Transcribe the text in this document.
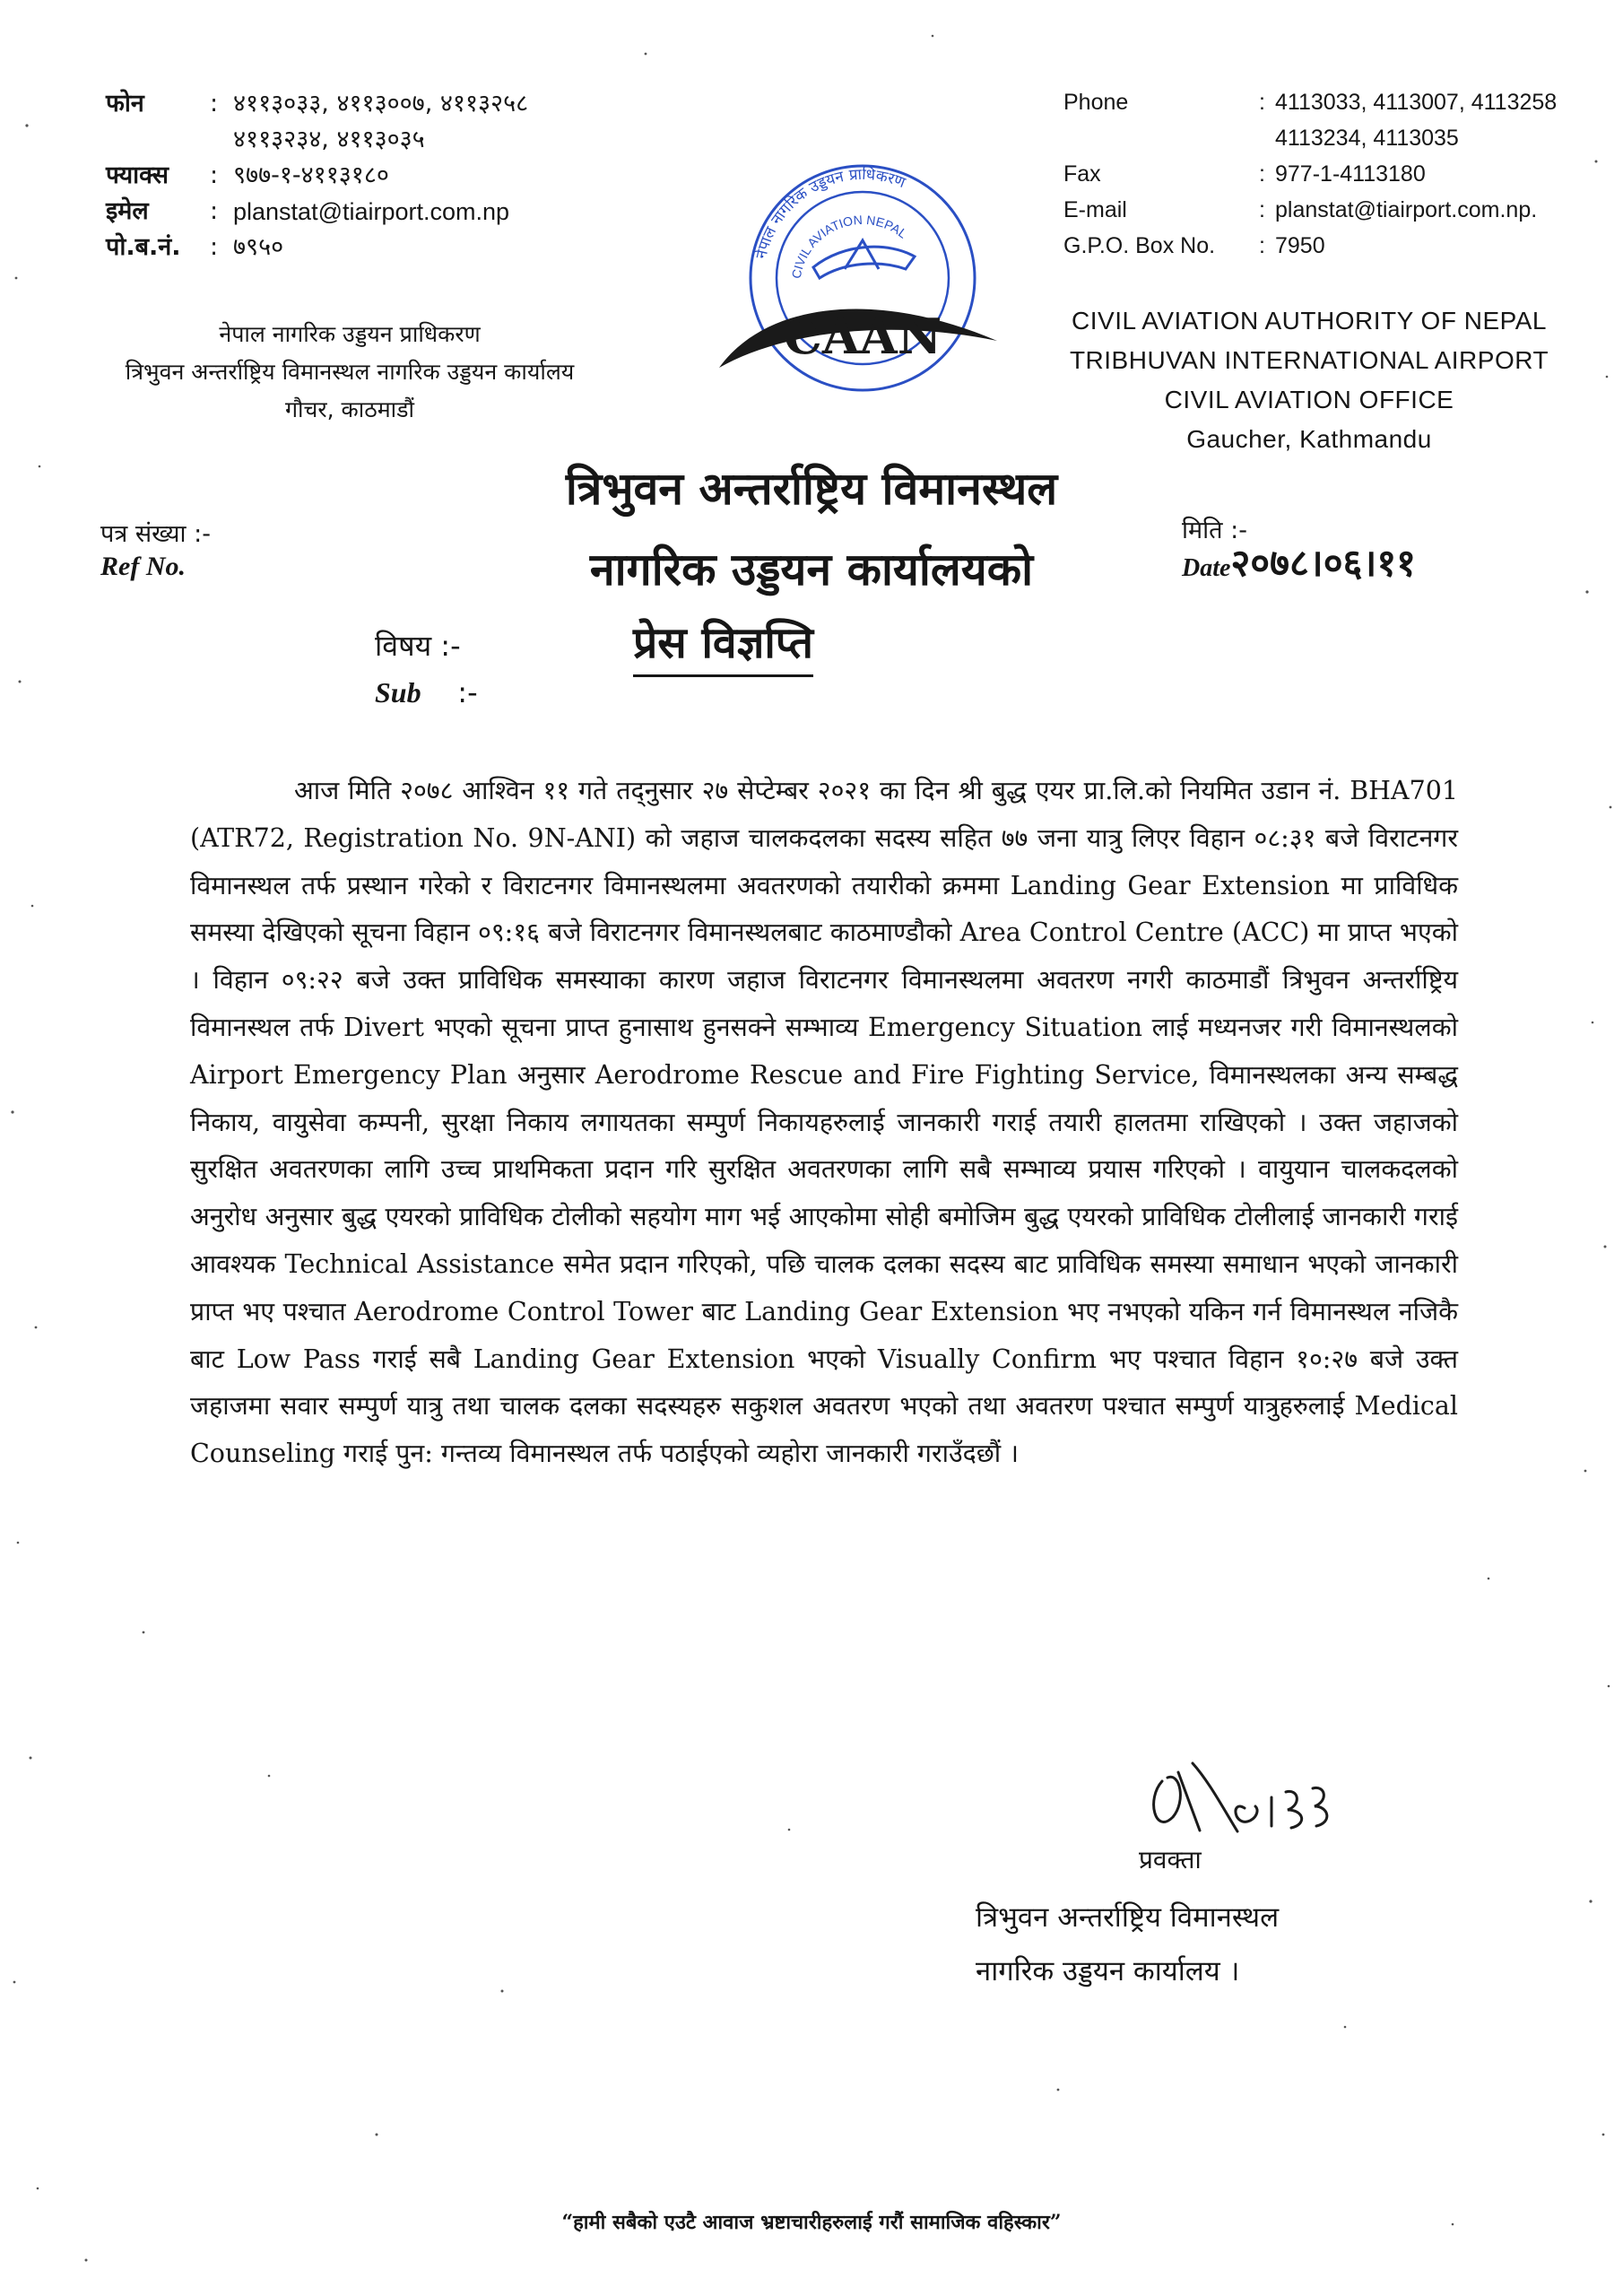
फोन	: ४११३०३३, ४११३००७, ४११३२५८
४११३२३४, ४११३०३५
फ्याक्स	: ९७७-१-४११३१८०
इमेल	: planstat@tiairport.com.np
पो.ब.नं.	: ७९५०
नेपाल नागरिक उड्डयन प्राधिकरण
त्रिभुवन अन्तर्राष्ट्रिय विमानस्थल नागरिक उड्डयन कार्यालय
गौचर, काठमाडौं
नेपाल नागरिक उड्डयन प्राधिकरण
CIVIL AVIATION NEPAL
CAAN
Phone	: 4113033, 4113007, 4113258
4113234, 4113035
Fax	: 977-1-4113180
E-mail	: planstat@tiairport.com.np.
G.P.O. Box No.	: 7950
CIVIL AVIATION AUTHORITY OF NEPAL
TRIBHUVAN INTERNATIONAL AIRPORT
CIVIL AVIATION OFFICE
Gaucher, Kathmandu
त्रिभुवन अन्तर्राष्ट्रिय विमानस्थल
नागरिक उड्डयन कार्यालयको
पत्र संख्या :-
Ref No.
मिति :-
Date२०७८।०६।११
विषय :-
Sub :-
प्रेस विज्ञप्ति
आज मिति २०७८ आश्विन ११ गते तद्नुसार २७ सेप्टेम्बर २०२१ का दिन श्री बुद्ध एयर प्रा.लि.को नियमित उडान नं. BHA701 (ATR72, Registration No. 9N-ANI) को जहाज चालकदलका सदस्य सहित ७७ जना यात्रु लिएर विहान ०८:३१ बजे विराटनगर विमानस्थल तर्फ प्रस्थान गरेको र विराटनगर विमानस्थलमा अवतरणको तयारीको क्रममा Landing Gear Extension मा प्राविधिक समस्या देखिएको सूचना विहान ०९:१६ बजे विराटनगर विमानस्थलबाट काठमाण्डौको Area Control Centre (ACC) मा प्राप्त भएको । विहान ०९:२२ बजे उक्त प्राविधिक समस्याका कारण जहाज विराटनगर विमानस्थलमा अवतरण नगरी काठमाडौं त्रिभुवन अन्तर्राष्ट्रिय विमानस्थल तर्फ Divert भएको सूचना प्राप्त हुनासाथ हुनसक्ने सम्भाव्य Emergency Situation लाई मध्यनजर गरी विमानस्थलको Airport Emergency Plan अनुसार Aerodrome Rescue and Fire Fighting Service, विमानस्थलका अन्य सम्बद्ध निकाय, वायुसेवा कम्पनी, सुरक्षा निकाय लगायतका सम्पुर्ण निकायहरुलाई जानकारी गराई तयारी हालतमा राखिएको । उक्त जहाजको सुरक्षित अवतरणका लागि उच्च प्राथमिकता प्रदान गरि सुरक्षित अवतरणका लागि सबै सम्भाव्य प्रयास गरिएको । वायुयान चालकदलको अनुरोध अनुसार बुद्ध एयरको प्राविधिक टोलीको सहयोग माग भई आएकोमा सोही बमोजिम बुद्ध एयरको प्राविधिक टोलीलाई जानकारी गराई आवश्यक Technical Assistance समेत प्रदान गरिएको, पछि चालक दलका सदस्य बाट प्राविधिक समस्या समाधान भएको जानकारी प्राप्त भए पश्चात Aerodrome Control Tower बाट Landing Gear Extension भए नभएको यकिन गर्न विमानस्थल नजिकै बाट Low Pass गराई सबै Landing Gear Extension भएको Visually Confirm भए पश्चात विहान १०:२७ बजे उक्त जहाजमा सवार सम्पुर्ण यात्रु तथा चालक दलका सदस्यहरु सकुशल अवतरण भएको तथा अवतरण पश्चात सम्पुर्ण यात्रुहरुलाई Medical Counseling गराई पुन: गन्तव्य विमानस्थल तर्फ पठाईएको व्यहोरा जानकारी गराउँदछौं ।
प्रवक्ता
त्रिभुवन अन्तर्राष्ट्रिय विमानस्थल
नागरिक उड्डयन कार्यालय ।
“हामी सबैको एउटै आवाज भ्रष्टाचारीहरुलाई गरौं सामाजिक वहिस्कार”
